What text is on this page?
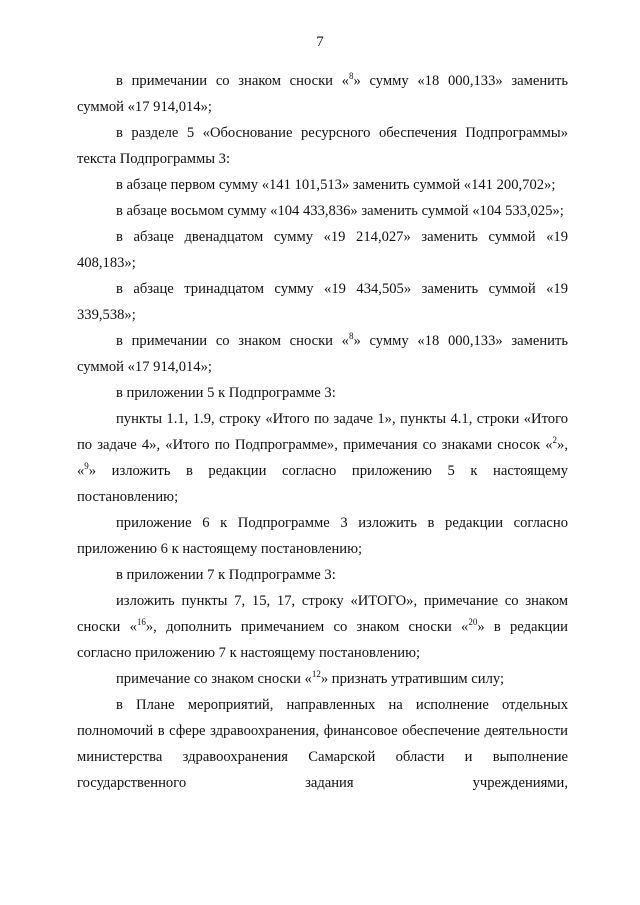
7

в примечании со знаком сноски «$^8$» сумму «18 000,133» заменить суммой «17 914,014»;

в разделе 5 «Обоснование ресурсного обеспечения Подпрограммы» текста Подпрограммы 3:

в абзаце первом сумму «141 101,513» заменить суммой «141 200,702»;

в абзаце восьмом сумму «104 433,836» заменить суммой «104 533,025»;

в абзаце двенадцатом сумму «19 214,027» заменить суммой «19 408,183»;

в абзаце тринадцатом сумму «19 434,505» заменить суммой «19 339,538»;

в примечании со знаком сноски «$^8$» сумму «18 000,133» заменить суммой «17 914,014»;

в приложении 5 к Подпрограмме 3:

пункты 1.1, 1.9, строку «Итого по задаче 1», пункты 4.1, строки «Итого по задаче 4», «Итого по Подпрограмме», примечания со знаками сносок «$^2$», «$^9$» изложить в редакции согласно приложению 5 к настоящему постановлению;

приложение 6 к Подпрограмме 3 изложить в редакции согласно приложению 6 к настоящему постановлению;

в приложении 7 к Подпрограмме 3:

изложить пункты 7, 15, 17, строку «ИТОГО», примечание со знаком сноски «$^{16}$», дополнить примечанием со знаком сноски «$^{20}$» в редакции согласно приложению 7 к настоящему постановлению;

примечание со знаком сноски «$^{12}$» признать утратившим силу;

в Плане мероприятий, направленных на исполнение отдельных полномочий в сфере здравоохранения, финансовое обеспечение деятельности министерства здравоохранения Самарской области и выполнение государственного задания учреждениями,
